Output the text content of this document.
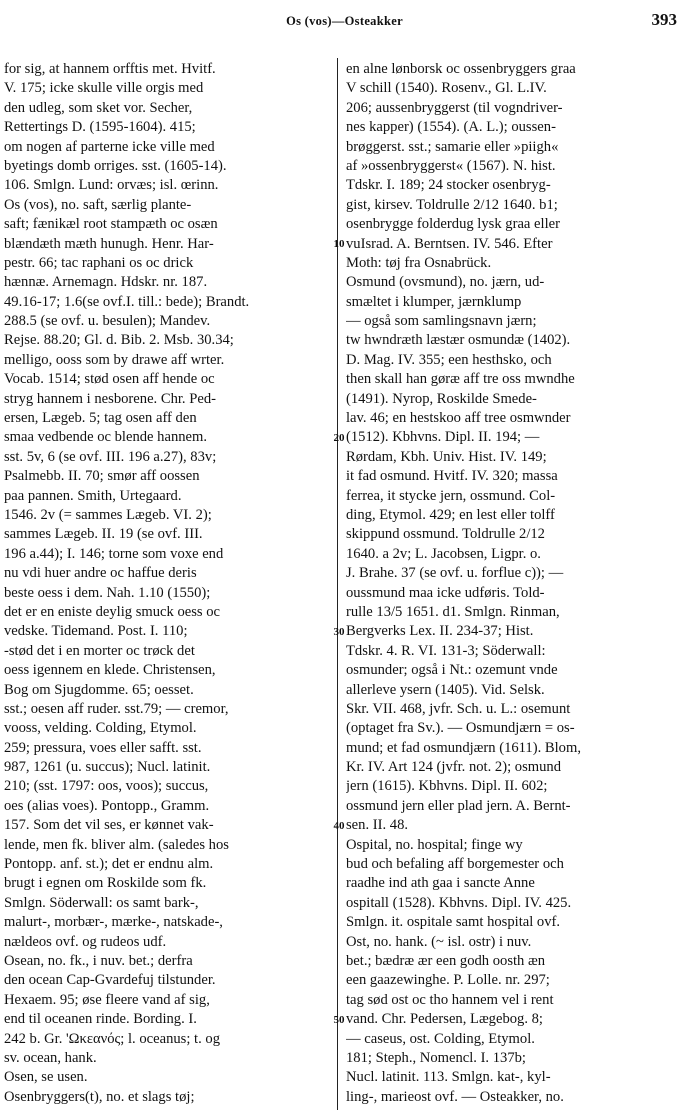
Os (vos)—Osteakker	393
for sig, at hannem orfftis met. Hvitf.
V. 175; icke skulle ville orgis med
den udleg, som sket vor. Secher,
Rettertings D. (1595-1604). 415;
om nogen af parterne icke ville med
byetings domb orriges. sst. (1605-14).
106. Smlgn. Lund: orvæs; isl. œrinn.
Os (vos), no. saft, særlig plante-
saft; fænikæl root stampæth oc osæn
blændæth mæth hunugh. Henr. Har-
pestr. 66; tac raphani os oc drick
hænnæ. Arnemagn. Hdskr. nr. 187.
49.16-17; 1.6(se ovf.I. till.: bede); Brandt.
288.5 (se ovf. u. besulen); Mandev.
Rejse. 88.20; Gl. d. Bib. 2. Msb. 30.34;
melligo, ooss som by drawe aff wrter.
Vocab. 1514; stød osen aff hende oc
stryg hannem i nesborene. Chr. Ped-
ersen, Lægeb. 5; tag osen aff den
smaa vedbende oc blende hannem.
sst. 5v, 6 (se ovf. III. 196 a.27), 83v;
Psalmebb. II. 70; smør aff oossen
paa pannen. Smith, Urtegaard.
1546. 2v (= sammes Lægeb. VI. 2);
sammes Lægeb. II. 19 (se ovf. III.
196 a.44); I. 146; torne som voxe end
nu vdi huer andre oc haffue deris
beste oess i dem. Nah. 1.10 (1550);
det er en eniste deylig smuck oess oc
vedske. Tidemand. Post. I. 110;
-stød det i en morter oc trøck det
oess igennem en klede. Christensen,
Bog om Sjugdomme. 65; oesset.
sst.; oesen aff ruder. sst.79; — cremor,
vooss, velding. Colding, Etymol.
259; pressura, voes eller safft. sst.
987, 1261 (u. succus); Nucl. latinit.
210; (sst. 1797: oos, voos); succus,
oes (alias voes). Pontopp., Gramm.
157. Som det vil ses, er kønnet vak-
lende, men fk. bliver alm. (saledes hos
Pontopp. anf. st.); det er endnu alm.
brugt i egnen om Roskilde som fk.
Smlgn. Söderwall: os samt bark-,
malurt-, morbær-, mærke-, natskade-,
nældeos ovf. og rudeos udf.
Osean, no. fk., i nuv. bet.; derfra
den ocean Cap-Gvardefuj tilstunder.
Hexaem. 95; øse fleere vand af sig,
end til oceanen rinde. Bording. I.
242 b. Gr. 'Ωκεανός; l. oceanus; t. og
sv. ocean, hank.
Osen, se usen.
Osenbryggers(t), no. et slags tøj;
en alne lønborsk oc ossenbryggers graa
V schill (1540). Rosenv., Gl. L.IV.
206; aussenbryggerst (til vogndriver-
nes kapper) (1554). (A. L.); oussen-
brøggerst. sst.; samarie eller »piigh«
af »ossenbryggerst« (1567). N. hist.
Tdskr. I. 189; 24 stocker osenbryg-
gist, kirsev. Toldrulle 2/12 1640. b1;
osenbrygge folderdug lysk graa eller
vuIsrad. A. Berntsen. IV. 546. Efter
Moth: tøj fra Osnabrück.
Osmund (ovsmund), no. jærn, ud-
smæltet i klumper, jærnklump
— også som samlingsnavn jærn;
tw hwndræth læstær osmundæ (1402).
D. Mag. IV. 355; een hesthsko, och
then skall han gøræ aff tre oss mwndhe
(1491). Nyrop, Roskilde Smede-
lav. 46; en hestskoo aff tree osmwnder
(1512). Kbhvns. Dipl. II. 194; —
Rørdam, Kbh. Univ. Hist. IV. 149;
it fad osmund. Hvitf. IV. 320; massa
ferrea, it stycke jern, ossmund. Col-
ding, Etymol. 429; en lest eller tolff
skippund ossmund. Toldrulle 2/12
1640. a 2v; L. Jacobsen, Ligpr. o.
J. Brahe. 37 (se ovf. u. forflue c)); —
oussmund maa icke udføris. Told-
rulle 13/5 1651. d1. Smlgn. Rinman,
Bergverks Lex. II. 234-37; Hist.
Tdskr. 4. R. VI. 131-3; Söderwall:
osmunder; også i Nt.: ozemunt vnde
allerleve ysern (1405). Vid. Selsk.
Skr. VII. 468, jvfr. Sch. u. L.: osemunt
(optaget fra Sv.). — Osmundjærn = os-
mund; et fad osmundjærn (1611). Blom,
Kr. IV. Art 124 (jvfr. not. 2); osmund
jern (1615). Kbhvns. Dipl. II. 602;
ossmund jern eller plad jern. A. Bernt-
sen. II. 48.
Ospital, no. hospital; finge wy
bud och befaling aff borgemester och
raadhe ind ath gaa i sancte Anne
ospitall (1528). Kbhvns. Dipl. IV. 425.
Smlgn. it. ospitale samt hospital ovf.
Ost, no. hank. (~ isl. ostr) i nuv.
bet.; bædræ ær een godh oosth æn
een gaazewinghe. P. Lolle. nr. 297;
tag sød ost oc tho hannem vel i rent
vand. Chr. Pedersen, Lægebog. 8;
— caseus, ost. Colding, Etymol.
181; Steph., Nomencl. I. 137b;
Nucl. latinit. 113. Smlgn. kat-, kyl-
ling-, marieost ovf. — Osteakker, no.
10
20
30
40
50
